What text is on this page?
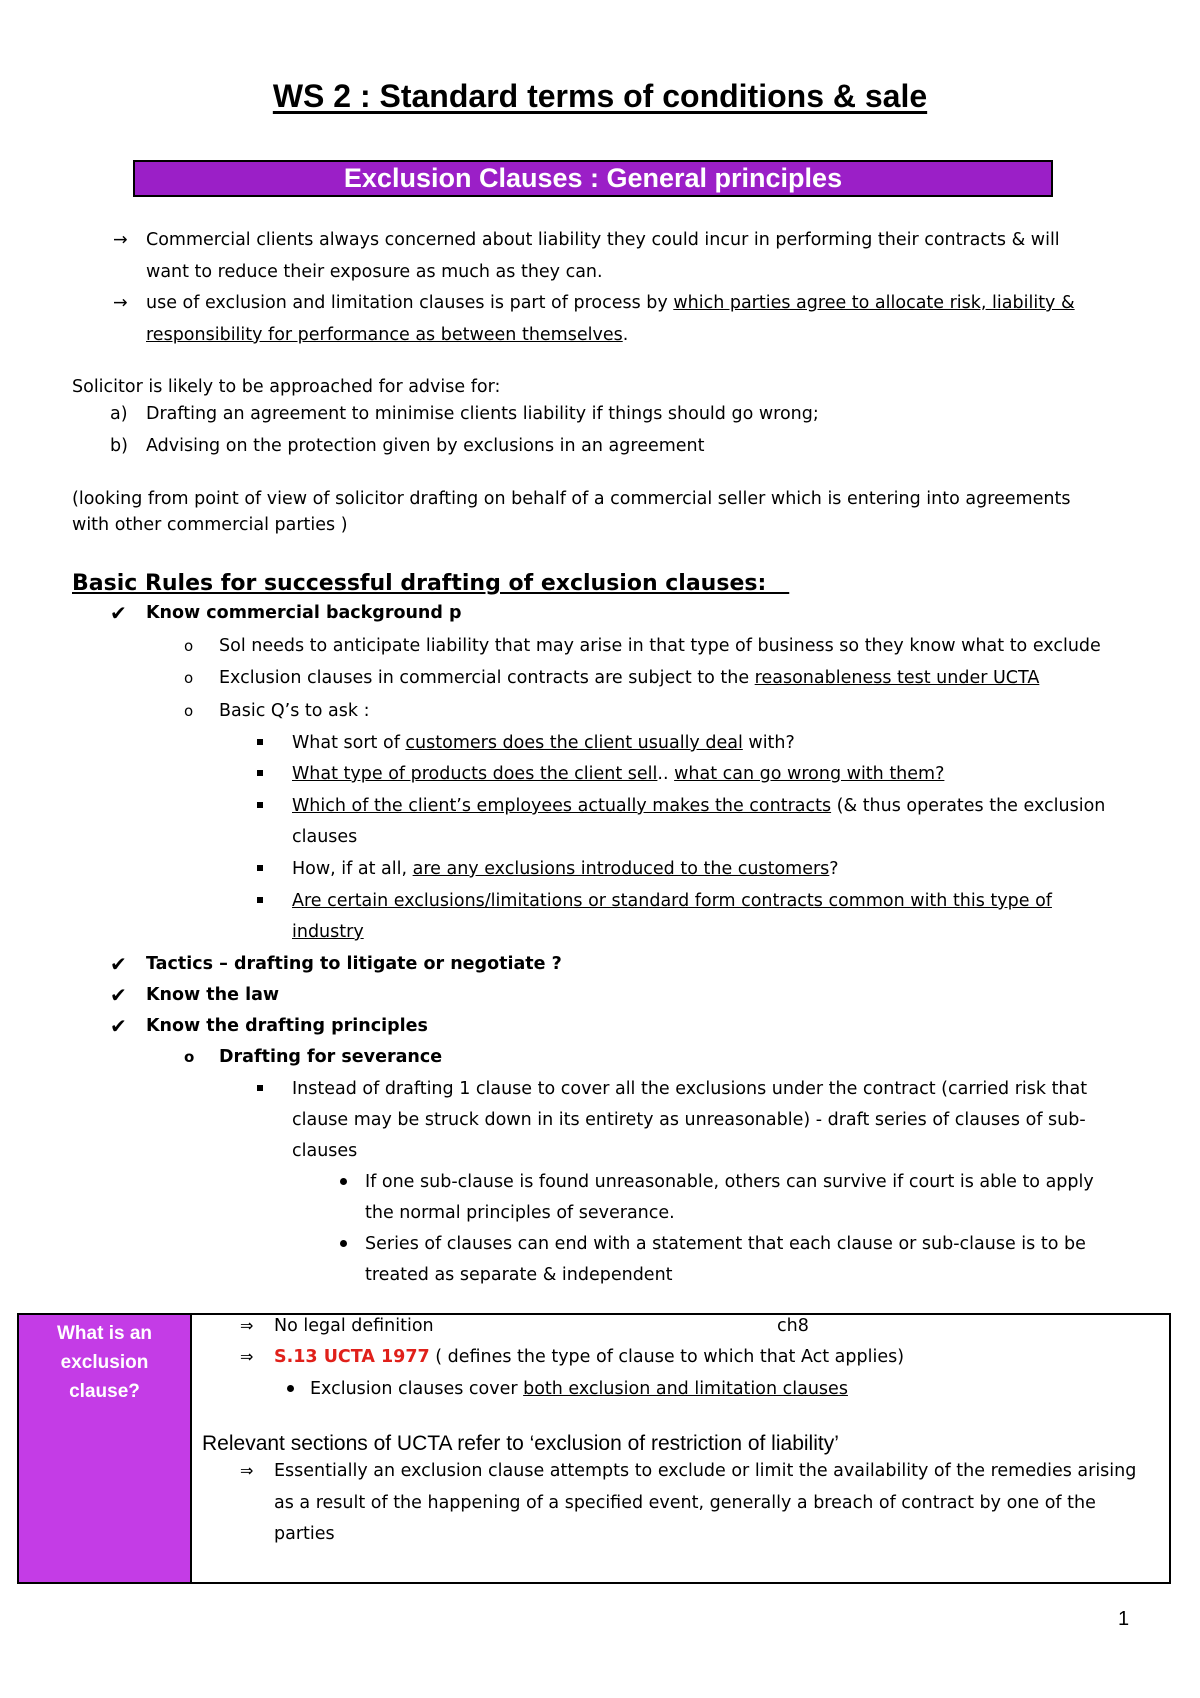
WS 2 : Standard terms of conditions & sale
Exclusion Clauses : General principles
→ Commercial clients always concerned about liability they could incur in performing their contracts & will
want to reduce their exposure as much as they can.
→ use of exclusion and limitation clauses is part of process by which parties agree to allocate risk, liability &
responsibility for performance as between themselves.
Solicitor is likely to be approached for advise for:
a) Drafting an agreement to minimise clients liability if things should go wrong;
b) Advising on the protection given by exclusions in an agreement
(looking from point of view of solicitor drafting on behalf of a commercial seller which is entering into agreements
with other commercial parties )
Basic Rules for successful drafting of exclusion clauses:
✔ Know commercial background p
o Sol needs to anticipate liability that may arise in that type of business so they know what to exclude
o Exclusion clauses in commercial contracts are subject to the reasonableness test under UCTA
o Basic Q’s to ask :
What sort of customers does the client usually deal with?
What type of products does the client sell.. what can go wrong with them?
Which of the client’s employees actually makes the contracts (& thus operates the exclusion
clauses
How, if at all, are any exclusions introduced to the customers?
Are certain exclusions/limitations or standard form contracts common with this type of
industry
✔ Tactics – drafting to litigate or negotiate ?
✔ Know the law
✔ Know the drafting principles
o Drafting for severance
Instead of drafting 1 clause to cover all the exclusions under the contract (carried risk that
clause may be struck down in its entirety as unreasonable) - draft series of clauses of sub-
clauses
If one sub-clause is found unreasonable, others can survive if court is able to apply
the normal principles of severance.
Series of clauses can end with a statement that each clause or sub-clause is to be
treated as separate & independent
What is an
exclusion
clause?
⇒ No legal definition	ch8
⇒ S.13 UCTA 1977 ( defines the type of clause to which that Act applies)
Exclusion clauses cover both exclusion and limitation clauses
Relevant sections of UCTA refer to ‘exclusion of restriction of liability’
⇒ Essentially an exclusion clause attempts to exclude or limit the availability of the remedies arising
as a result of the happening of a specified event, generally a breach of contract by one of the
parties
1
